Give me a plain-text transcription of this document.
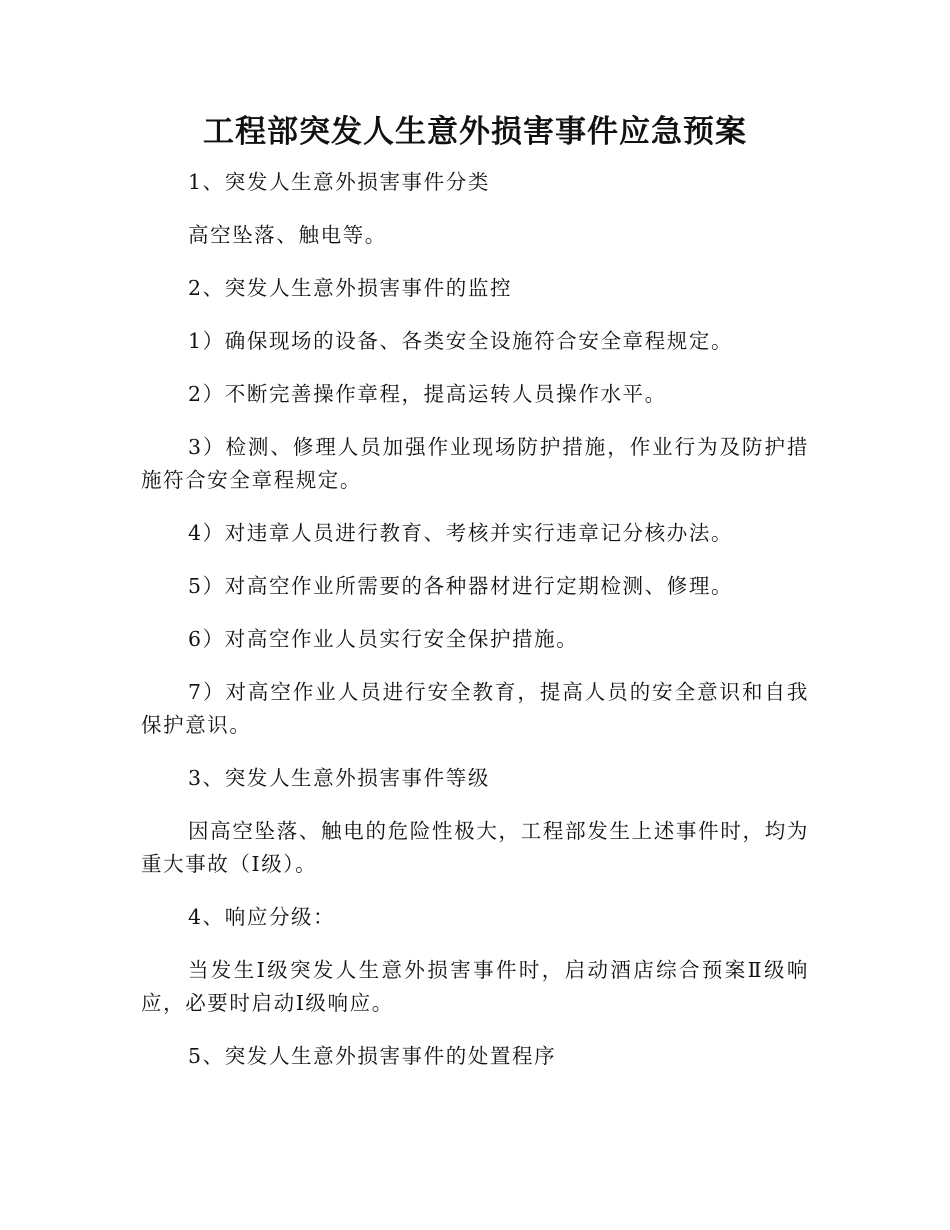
工程部突发人生意外损害事件应急预案

1、突发人生意外损害事件分类

高空坠落、触电等。

2、突发人生意外损害事件的监控

1）确保现场的设备、各类安全设施符合安全章程规定。

2）不断完善操作章程，提高运转人员操作水平。

3）检测、修理人员加强作业现场防护措施，作业行为及防护措施符合安全章程规定。

4）对违章人员进行教育、考核并实行违章记分核办法。

5）对高空作业所需要的各种器材进行定期检测、修理。

6）对高空作业人员实行安全保护措施。

7）对高空作业人员进行安全教育，提高人员的安全意识和自我保护意识。

3、突发人生意外损害事件等级

因高空坠落、触电的危险性极大，工程部发生上述事件时，均为重大事故（Ⅰ级）。

4、响应分级：

当发生Ⅰ级突发人生意外损害事件时，启动酒店综合预案Ⅱ级响应，必要时启动Ⅰ级响应。

5、突发人生意外损害事件的处置程序
